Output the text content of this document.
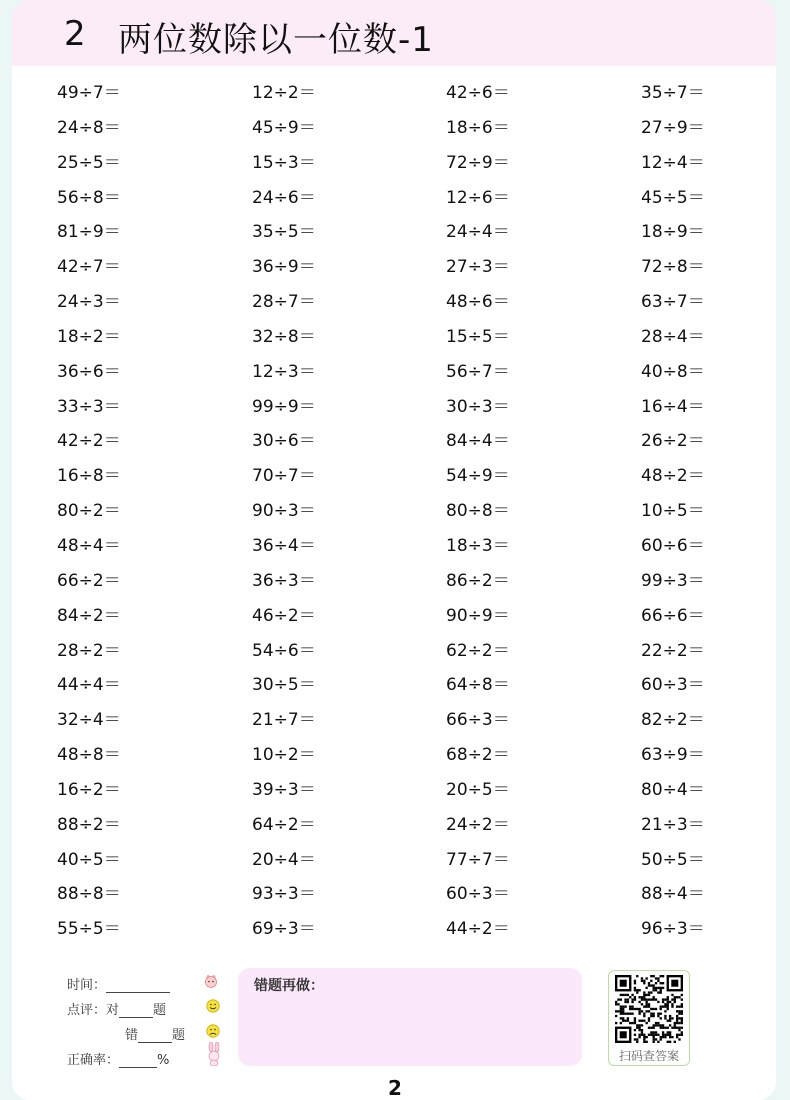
2 两位数除以一位数-1
49÷7＝	12÷2＝	42÷6＝	35÷7＝
24÷8＝	45÷9＝	18÷6＝	27÷9＝
25÷5＝	15÷3＝	72÷9＝	12÷4＝
56÷8＝	24÷6＝	12÷6＝	45÷5＝
81÷9＝	35÷5＝	24÷4＝	18÷9＝
42÷7＝	36÷9＝	27÷3＝	72÷8＝
24÷3＝	28÷7＝	48÷6＝	63÷7＝
18÷2＝	32÷8＝	15÷5＝	28÷4＝
36÷6＝	12÷3＝	56÷7＝	40÷8＝
33÷3＝	99÷9＝	30÷3＝	16÷4＝
42÷2＝	30÷6＝	84÷4＝	26÷2＝
16÷8＝	70÷7＝	54÷9＝	48÷2＝
80÷2＝	90÷3＝	80÷8＝	10÷5＝
48÷4＝	36÷4＝	18÷3＝	60÷6＝
66÷2＝	36÷3＝	86÷2＝	99÷3＝
84÷2＝	46÷2＝	90÷9＝	66÷6＝
28÷2＝	54÷6＝	62÷2＝	22÷2＝
44÷4＝	30÷5＝	64÷8＝	60÷3＝
32÷4＝	21÷7＝	66÷3＝	82÷2＝
48÷8＝	10÷2＝	68÷2＝	63÷9＝
16÷2＝	39÷3＝	20÷5＝	80÷4＝
88÷2＝	64÷2＝	24÷2＝	21÷3＝
40÷5＝	20÷4＝	77÷7＝	50÷5＝
88÷8＝	93÷3＝	60÷3＝	88÷4＝
55÷5＝	69÷3＝	44÷2＝	96÷3＝
时间：
点评：对	题
错	题
正确率：	%
错题再做：
扫码查答案
2
